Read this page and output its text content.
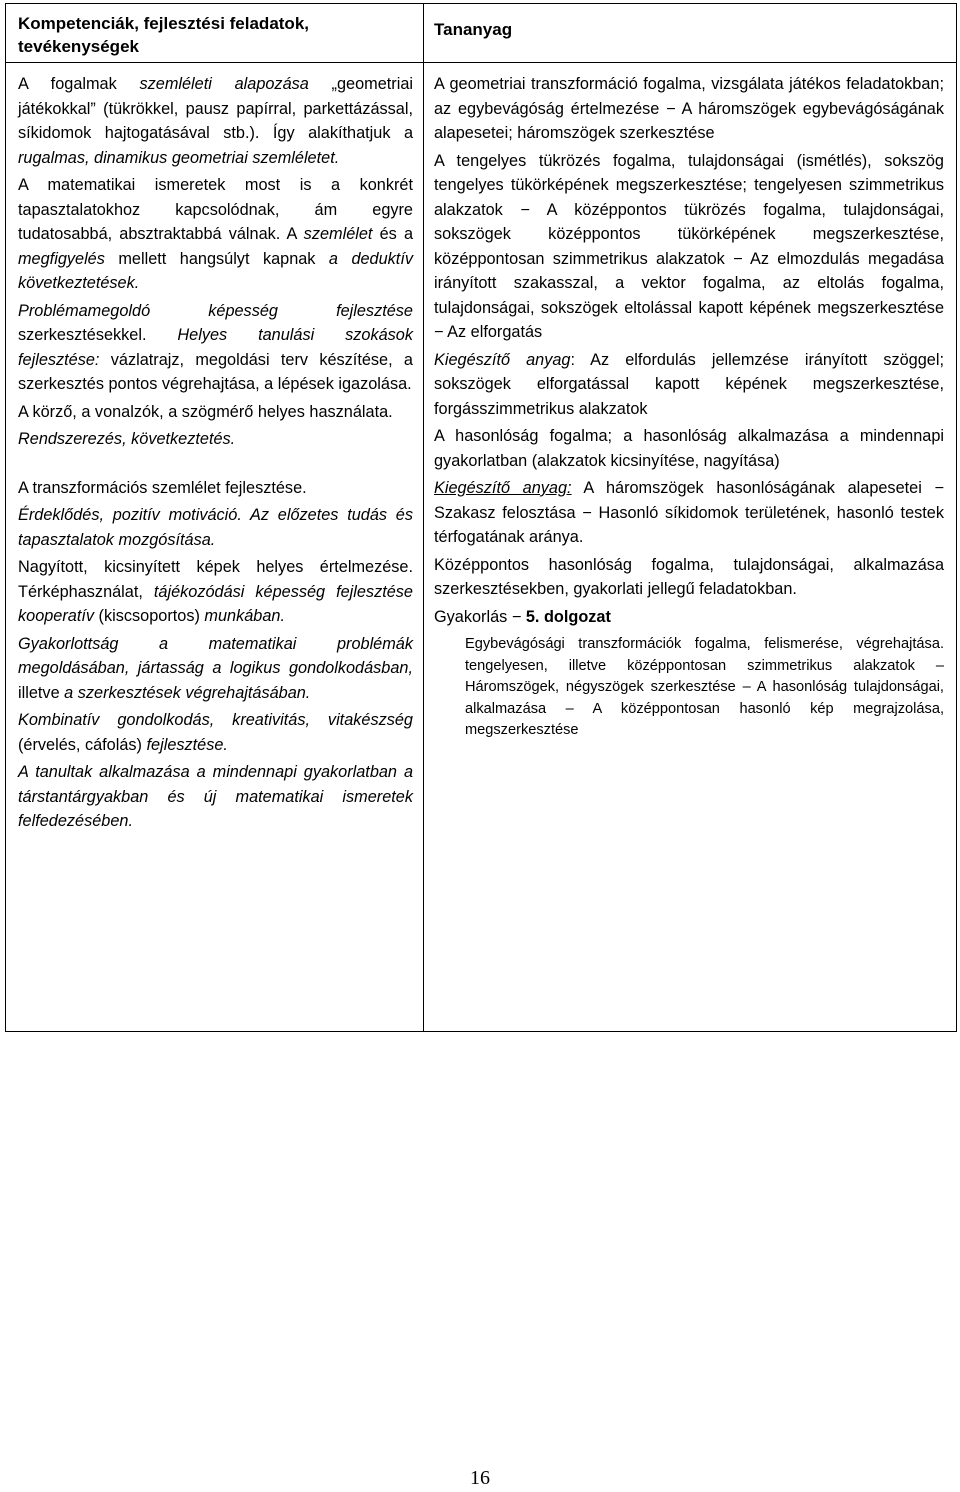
Kompetenciák, fejlesztési feladatok, tevékenységek

A fogalmak szemléleti alapozása „geometriai játékokkal” (tükrökkel, pausz papírral, parkettázással, síkidomok hajtogatásával stb.). Így alakíthatjuk a rugalmas, dinamikus geometriai szemléletet.

A matematikai ismeretek most is a konkrét tapasztalatokhoz kapcsolódnak, ám egyre tudatosabbá, absztraktabbá válnak. A szemlélet és a megfigyelés mellett hangsúlyt kapnak a deduktív következtetések.

Problémamegoldó képesség fejlesztése szerkesztésekkel. Helyes tanulási szokások fejlesztése: vázlatrajz, megoldási terv készítése, a szerkesztés pontos végrehajtása, a lépések igazolása.

A körző, a vonalzók, a szögmérő helyes használata.

Rendszerezés, következtetés.

A transzformációs szemlélet fejlesztése.

Érdeklődés, pozitív motiváció. Az előzetes tudás és tapasztalatok mozgósítása.

Nagyított, kicsinyített képek helyes értelmezése. Térképhasználat, tájékozódási képesség fejlesztése kooperatív (kiscsoportos) munkában.

Gyakorlottság a matematikai problémák megoldásában, jártasság a logikus gondolkodásban, illetve a szerkesztések végrehajtásában.

Kombinatív gondolkodás, kreativitás, vitakészség (érvelés, cáfolás) fejlesztése.

A tanultak alkalmazása a mindennapi gyakorlatban a társtantárgyakban és új matematikai ismeretek felfedezésében.

Tananyag

A geometriai transzformáció fogalma, vizsgálata játékos feladatokban; az egybevágóság értelmezése − A háromszögek egybevágóságának alapesetei; háromszögek szerkesztése

A tengelyes tükrözés fogalma, tulajdonságai (ismétlés), sokszög tengelyes tükörképének megszerkesztése; tengelyesen szimmetrikus alakzatok − A középpontos tükrözés fogalma, tulajdonságai, sokszögek középpontos tükörképének megszerkesztése, középpontosan szimmetrikus alakzatok − Az elmozdulás megadása irányított szakasszal, a vektor fogalma, az eltolás fogalma, tulajdonságai, sokszögek eltolással kapott képének megszerkesztése − Az elforgatás

Kiegészítő anyag: Az elfordulás jellemzése irányított szöggel; sokszögek elforgatással kapott képének megszerkesztése, forgásszimmetrikus alakzatok

A hasonlóság fogalma; a hasonlóság alkalmazása a mindennapi gyakorlatban (alakzatok kicsinyítése, nagyítása)

Kiegészítő anyag: A háromszögek hasonlóságának alapesetei − Szakasz felosztása − Hasonló síkidomok területének, hasonló testek térfogatának aránya.

Középpontos hasonlóság fogalma, tulajdonságai, alkalmazása szerkesztésekben, gyakorlati jellegű feladatokban.

Gyakorlás − 5. dolgozat

Egybevágósági transzformációk fogalma, felismerése, végrehajtása. tengelyesen, illetve középpontosan szimmetrikus alakzatok – Háromszögek, négyszögek szerkesztése – A hasonlóság tulajdonságai, alkalmazása – A középpontosan hasonló kép megrajzolása, megszerkesztése

16
